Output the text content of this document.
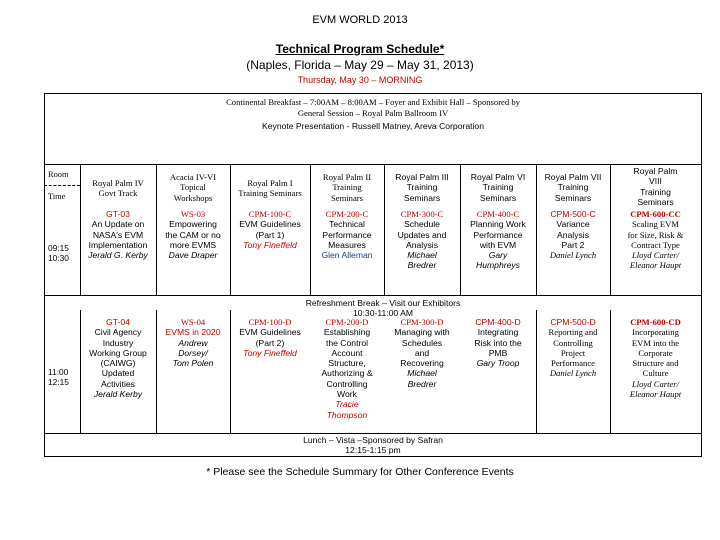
EVM WORLD 2013
Technical Program Schedule*
(Naples, Florida – May 29 – May 31, 2013)
Thursday, May 30 – MORNING
Continental Breakfast – 7:00AM – 8:00AM – Foyer and Exhibit Hall – Sponsored by
General Session – Royal Palm Ballroom IV
Keynote Presentation - Russell Matney, Areva Corporation
Room
Time
09:15
10:30
11:00
12:15
Royal Palm IV
Govt Track
Acacia IV-VI
Topical
Workshops
Royal Palm I
Training Seminars
Royal Palm II
Training
Seminars
Royal Palm III
Training
Seminars
Royal Palm VI
Training
Seminars
Royal Palm VII
Training
Seminars
Royal Palm
VIII
Training
Seminars
GT-03
An Update on
NASA's EVM
Implementation
Jerald G. Kerby
WS-03
Empowering
the CAM or no
more EVMS
Dave Draper
CPM-100-C
EVM Guidelines
(Part 1)
Tony Fineffeld
CPM-200-C
Technical
Performance
Measures
Glen Alleman
CPM-300-C
Schedule
Updates and
Analysis
Michael
Bredrer
CPM-400-C
Planning Work
Performance
with EVM
Gary
Humphreys
CPM-500-C
Variance
Analysis
Part 2
Daniel Lynch
CPM-600-CC
Scaling EVM
for Size, Risk &
Contract Type
Lloyd Carter/
Eleanor Haupt
Refreshment Break – Visit our Exhibitors
10:30-11:00 AM
GT-04
Civil Agency
Industry
Working Group
(CAIWG)
Updated
Activities
Jerald Kerby
WS-04
EVMS in 2020
Andrew
Dorsey/
Tom Polen
CPM-100-D
EVM Guidelines
(Part 2)
Tony Fineffeld
CPM-200-D
Establishing
the Control
Account
Structure,
Authorizing &
Controlling
Work
Tracie
Thompson
CPM-300-D
Managing with
Schedules
and
Recovering
Michael
Bredrer
CPM-400-D
Integrating
Risk into the
PMB
Gary Troop
CPM-500-D
Reporting and
Controlling
Project
Performance
Daniel Lynch
CPM-600-CD
Incorporating
EVM into the
Corporate
Structure and
Culture
Lloyd Carter/
Eleanor Haupt
Lunch – Vista –Sponsored by Safran
12:15-1:15 pm
* Please see the Schedule Summary for Other Conference Events
